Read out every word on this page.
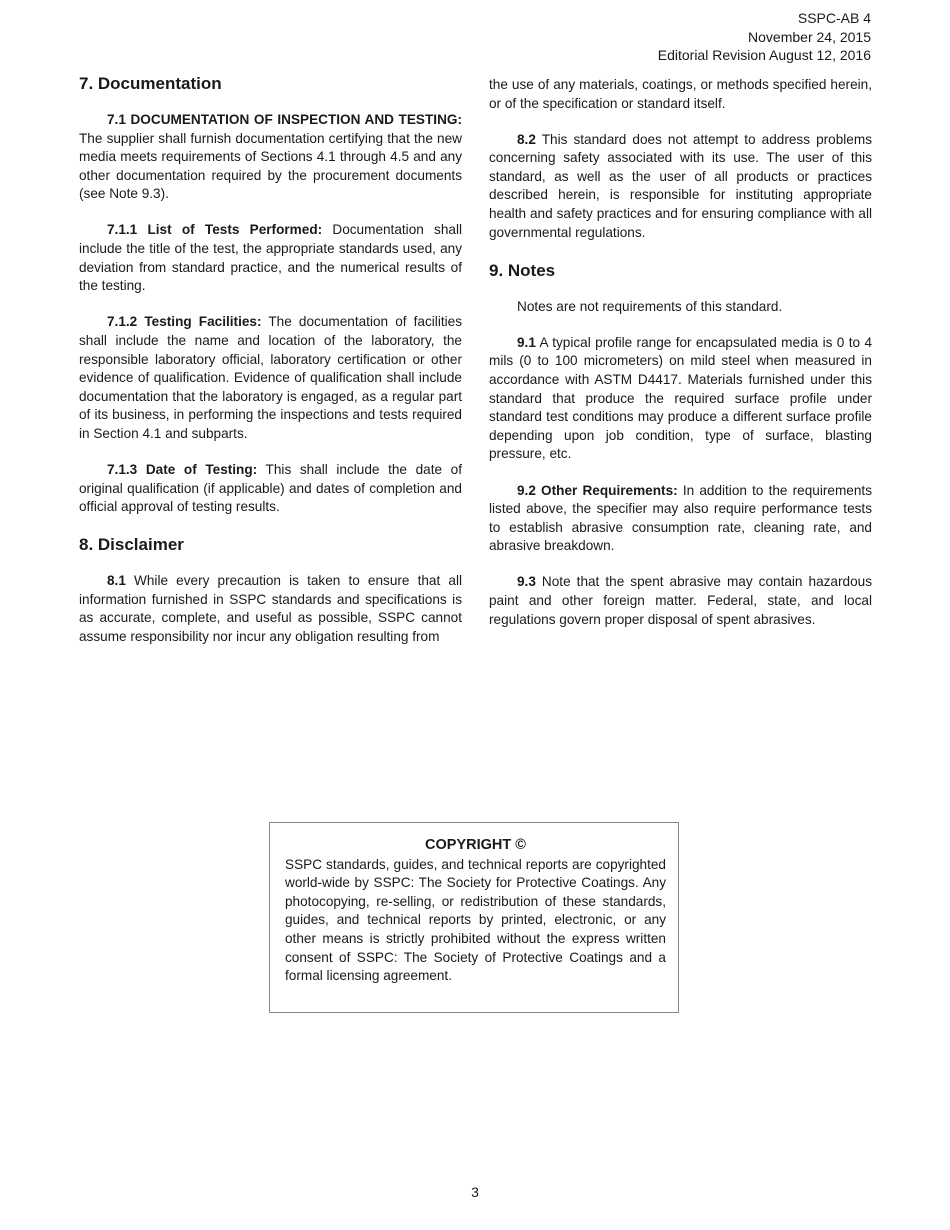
SSPC-AB 4
November 24, 2015
Editorial Revision August 12, 2016
7. Documentation

7.1 DOCUMENTATION OF INSPECTION AND TESTING: The supplier shall furnish documentation certifying that the new media meets requirements of Sections 4.1 through 4.5 and any other documentation required by the procurement documents (see Note 9.3).

7.1.1 List of Tests Performed: Documentation shall include the title of the test, the appropriate standards used, any deviation from standard practice, and the numerical results of the testing.

7.1.2 Testing Facilities: The documentation of facilities shall include the name and location of the laboratory, the responsible laboratory official, laboratory certification or other evidence of qualification. Evidence of qualification shall include documentation that the laboratory is engaged, as a regular part of its business, in performing the inspections and tests required in Section 4.1 and subparts.

7.1.3 Date of Testing: This shall include the date of original qualification (if applicable) and dates of completion and official approval of testing results.

8. Disclaimer

8.1 While every precaution is taken to ensure that all information furnished in SSPC standards and specifications is as accurate, complete, and useful as possible, SSPC cannot assume responsibility nor incur any obligation resulting from

the use of any materials, coatings, or methods specified herein, or of the specification or standard itself.

8.2 This standard does not attempt to address problems concerning safety associated with its use. The user of this standard, as well as the user of all products or practices described herein, is responsible for instituting appropriate health and safety practices and for ensuring compliance with all governmental regulations.

9. Notes

Notes are not requirements of this standard.

9.1 A typical profile range for encapsulated media is 0 to 4 mils (0 to 100 micrometers) on mild steel when measured in accordance with ASTM D4417. Materials furnished under this standard that produce the required surface profile under standard test conditions may produce a different surface profile depending upon job condition, type of surface, blasting pressure, etc.

9.2 Other Requirements: In addition to the requirements listed above, the specifier may also require performance tests to establish abrasive consumption rate, cleaning rate, and abrasive breakdown.

9.3 Note that the spent abrasive may contain hazardous paint and other foreign matter. Federal, state, and local regulations govern proper disposal of spent abrasives.

COPYRIGHT ©
SSPC standards, guides, and technical reports are copyrighted world-wide by SSPC: The Society for Protective Coatings. Any photocopying, re-selling, or redistribution of these standards, guides, and technical reports by printed, electronic, or any other means is strictly prohibited without the express written consent of SSPC: The Society of Protective Coatings and a formal licensing agreement.
3
